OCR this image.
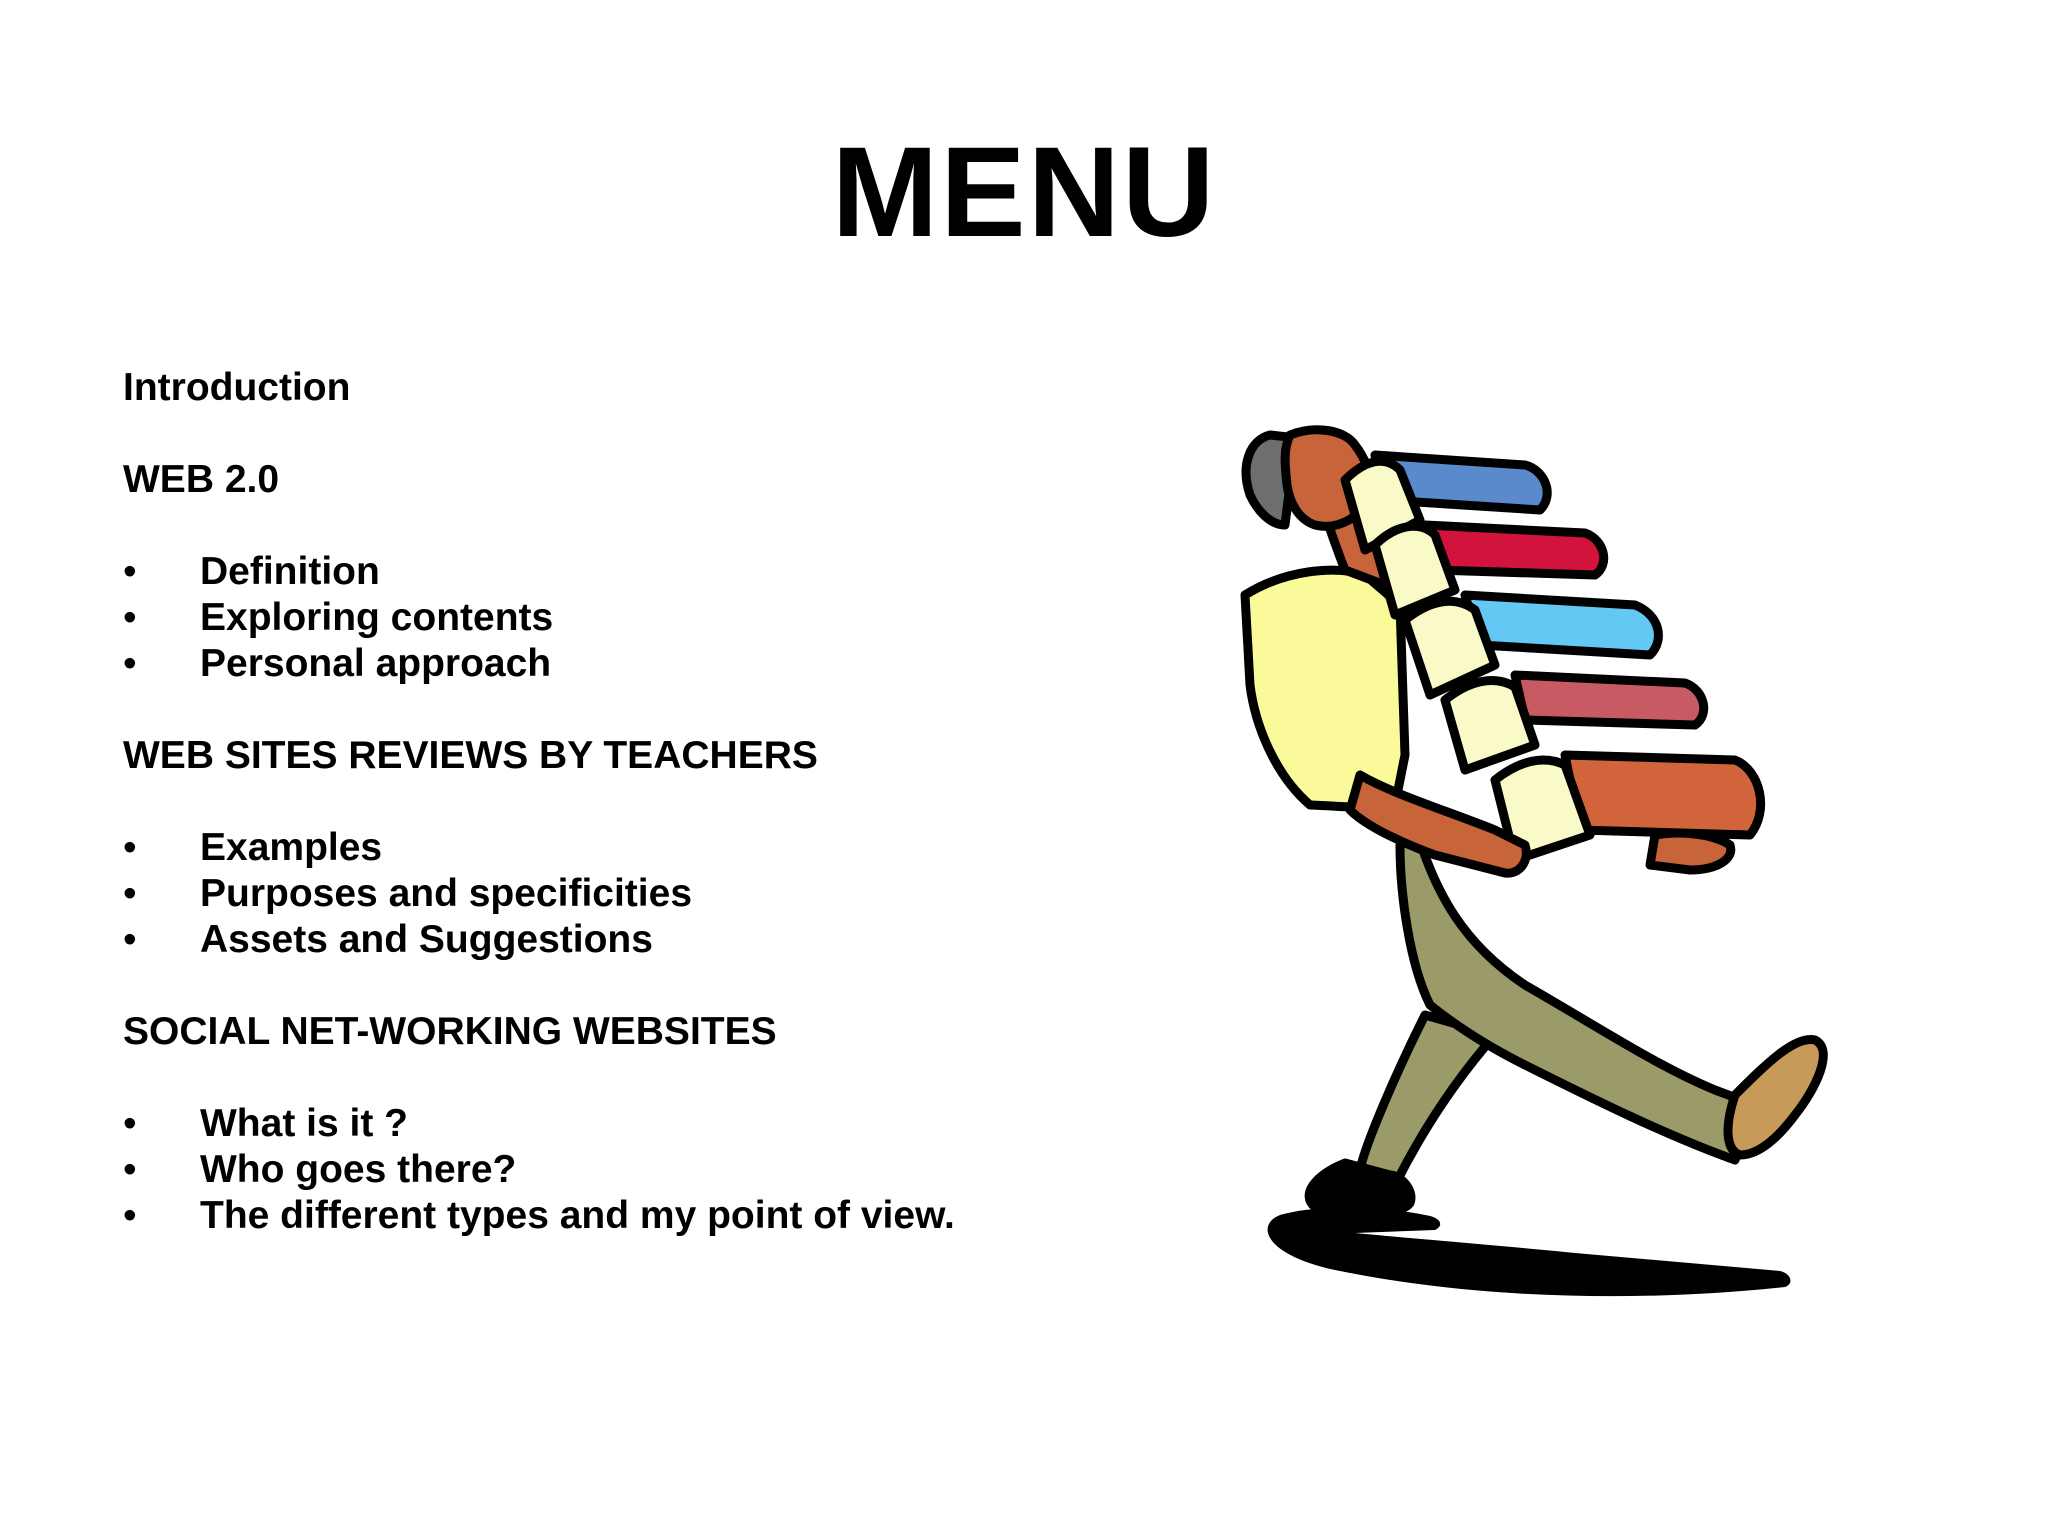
MENU
Introduction
WEB 2.0
• Definition
• Exploring contents
• Personal approach
WEB SITES REVIEWS BY TEACHERS
• Examples
• Purposes and specificities
• Assets and Suggestions
SOCIAL NET-WORKING WEBSITES
• What is it ?
• Who goes there?
• The different types and my point of view.
